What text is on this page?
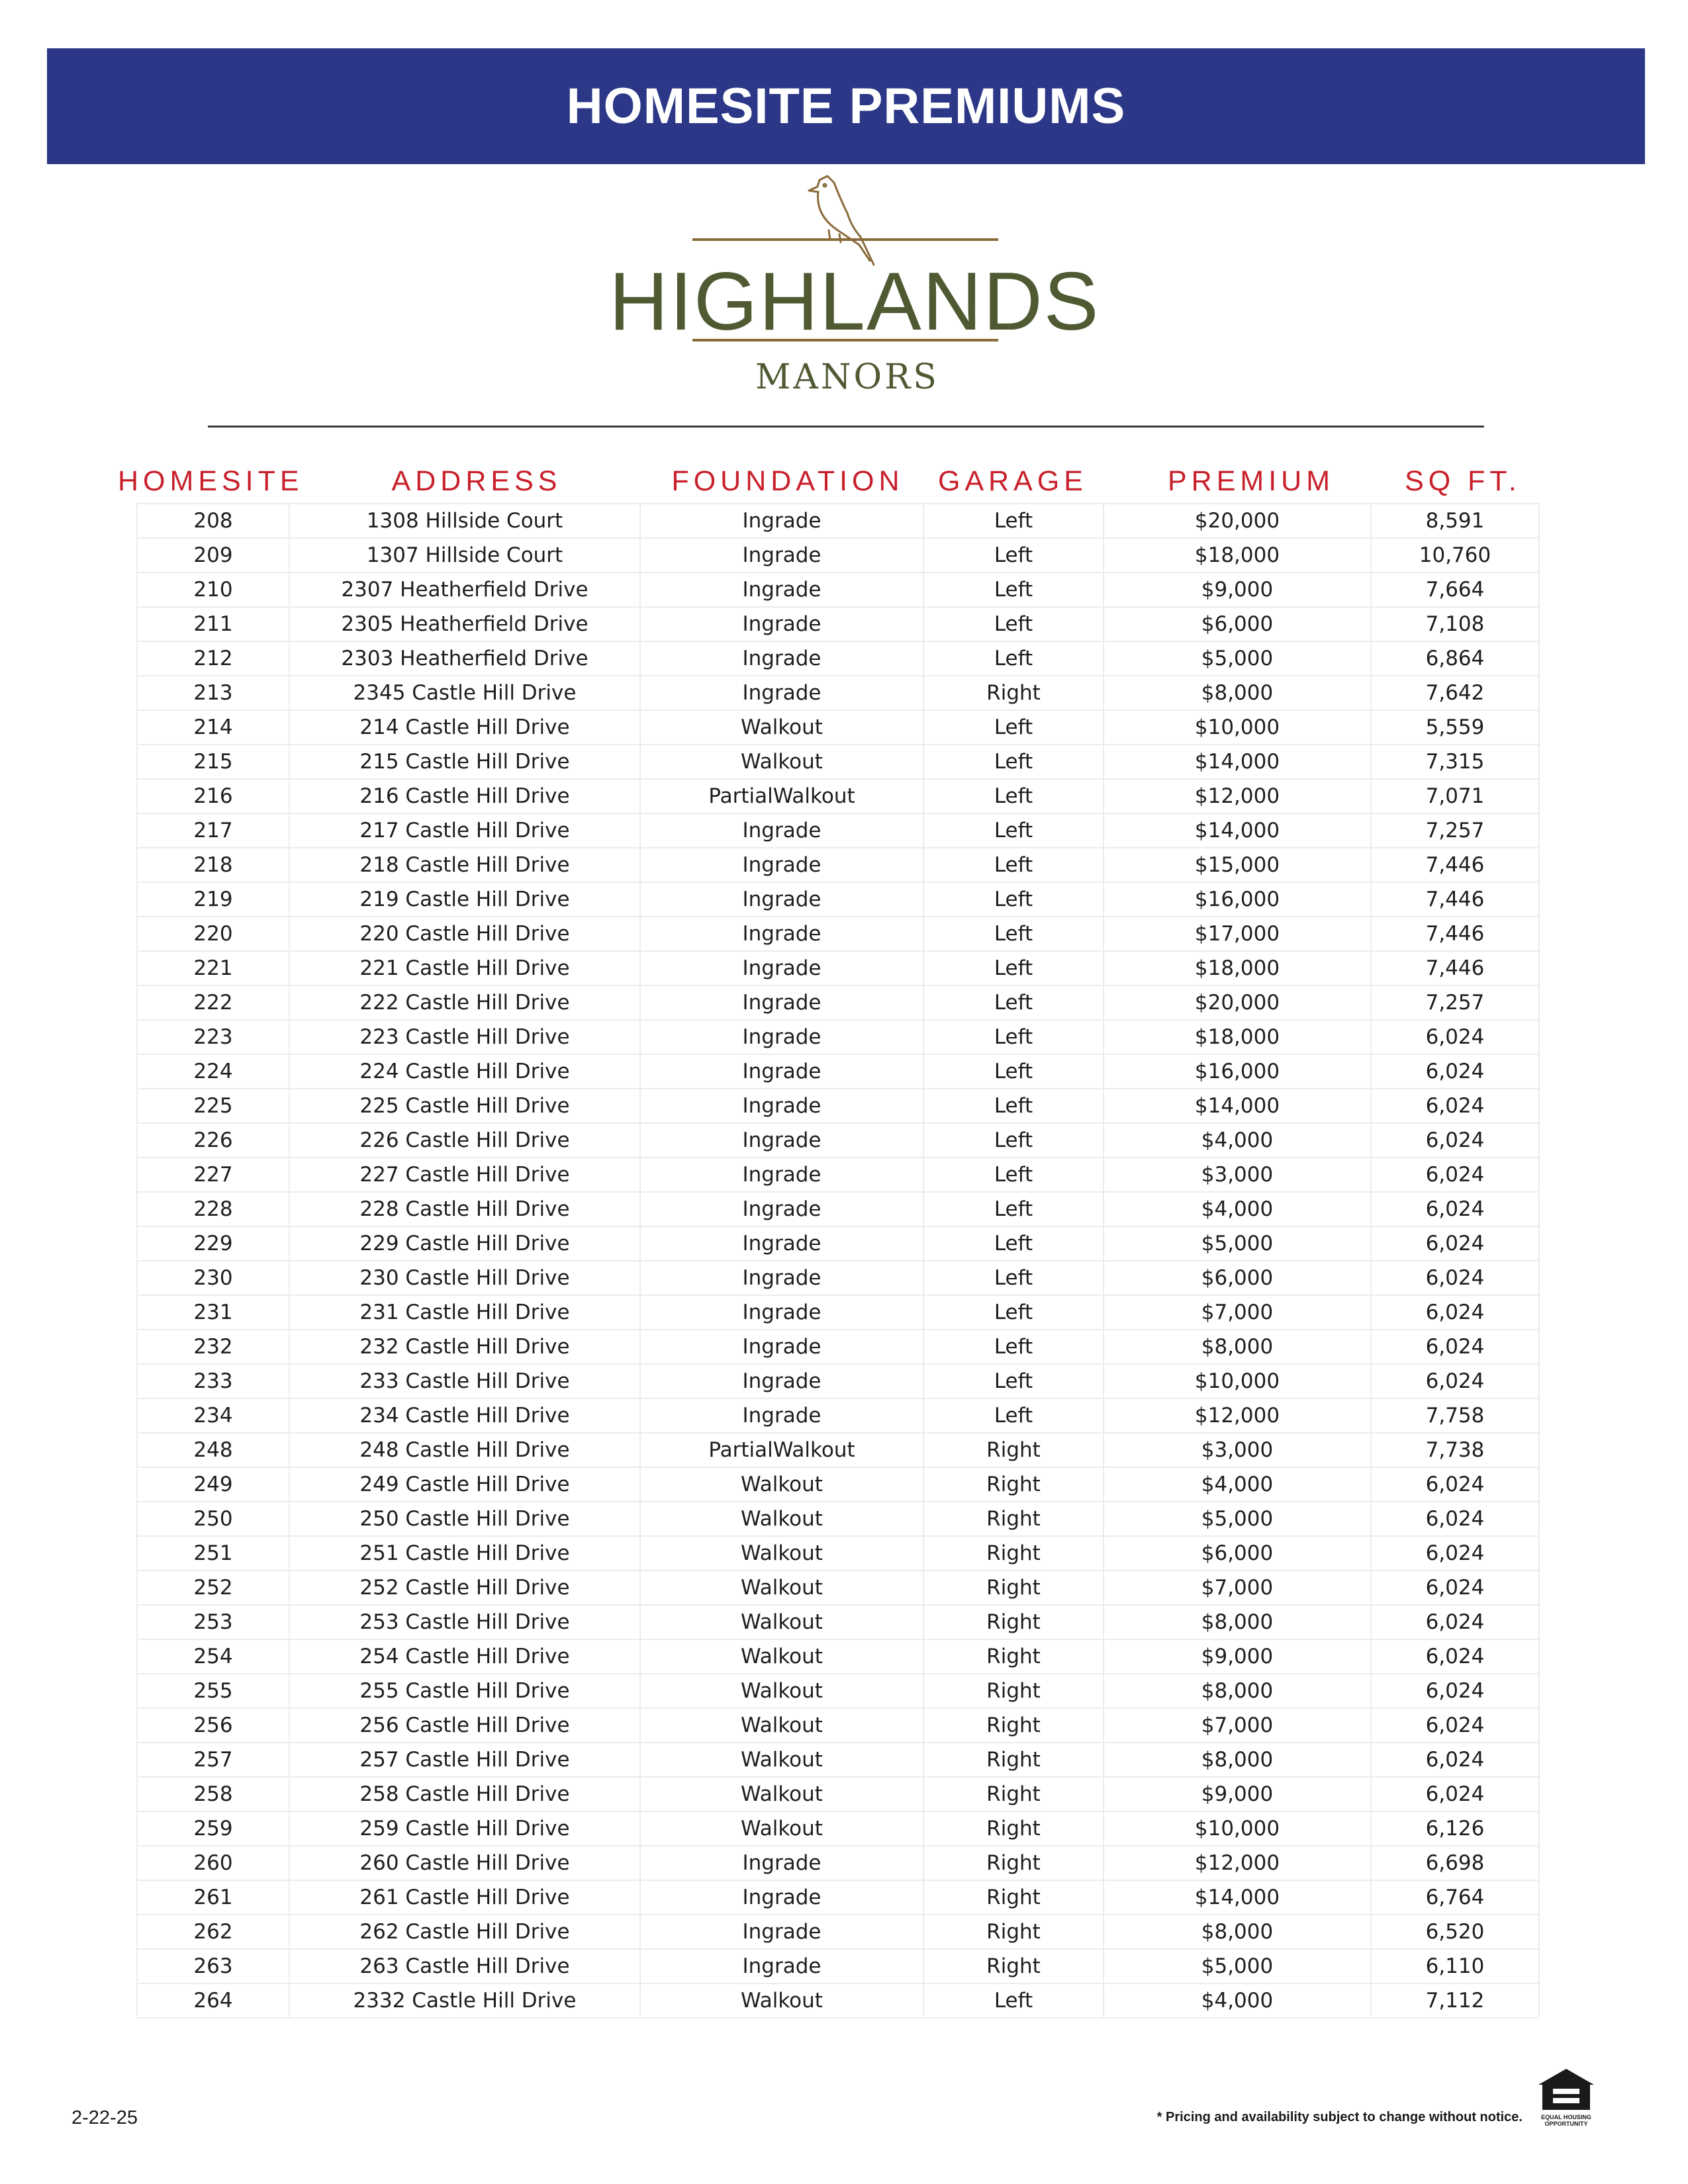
HOMESITE PREMIUMS
HIGHLANDS
MANORS
HOMESITE	ADDRESS	FOUNDATION	GARAGE	PREMIUM	SQ FT.
208	1308 Hillside Court	Ingrade	Left	$20,000	8,591
209	1307 Hillside Court	Ingrade	Left	$18,000	10,760
210	2307 Heatherfield Drive	Ingrade	Left	$9,000	7,664
211	2305 Heatherfield Drive	Ingrade	Left	$6,000	7,108
212	2303 Heatherfield Drive	Ingrade	Left	$5,000	6,864
213	2345 Castle Hill Drive	Ingrade	Right	$8,000	7,642
214	214 Castle Hill Drive	Walkout	Left	$10,000	5,559
215	215 Castle Hill Drive	Walkout	Left	$14,000	7,315
216	216 Castle Hill Drive	PartialWalkout	Left	$12,000	7,071
217	217 Castle Hill Drive	Ingrade	Left	$14,000	7,257
218	218 Castle Hill Drive	Ingrade	Left	$15,000	7,446
219	219 Castle Hill Drive	Ingrade	Left	$16,000	7,446
220	220 Castle Hill Drive	Ingrade	Left	$17,000	7,446
221	221 Castle Hill Drive	Ingrade	Left	$18,000	7,446
222	222 Castle Hill Drive	Ingrade	Left	$20,000	7,257
223	223 Castle Hill Drive	Ingrade	Left	$18,000	6,024
224	224 Castle Hill Drive	Ingrade	Left	$16,000	6,024
225	225 Castle Hill Drive	Ingrade	Left	$14,000	6,024
226	226 Castle Hill Drive	Ingrade	Left	$4,000	6,024
227	227 Castle Hill Drive	Ingrade	Left	$3,000	6,024
228	228 Castle Hill Drive	Ingrade	Left	$4,000	6,024
229	229 Castle Hill Drive	Ingrade	Left	$5,000	6,024
230	230 Castle Hill Drive	Ingrade	Left	$6,000	6,024
231	231 Castle Hill Drive	Ingrade	Left	$7,000	6,024
232	232 Castle Hill Drive	Ingrade	Left	$8,000	6,024
233	233 Castle Hill Drive	Ingrade	Left	$10,000	6,024
234	234 Castle Hill Drive	Ingrade	Left	$12,000	7,758
248	248 Castle Hill Drive	PartialWalkout	Right	$3,000	7,738
249	249 Castle Hill Drive	Walkout	Right	$4,000	6,024
250	250 Castle Hill Drive	Walkout	Right	$5,000	6,024
251	251 Castle Hill Drive	Walkout	Right	$6,000	6,024
252	252 Castle Hill Drive	Walkout	Right	$7,000	6,024
253	253 Castle Hill Drive	Walkout	Right	$8,000	6,024
254	254 Castle Hill Drive	Walkout	Right	$9,000	6,024
255	255 Castle Hill Drive	Walkout	Right	$8,000	6,024
256	256 Castle Hill Drive	Walkout	Right	$7,000	6,024
257	257 Castle Hill Drive	Walkout	Right	$8,000	6,024
258	258 Castle Hill Drive	Walkout	Right	$9,000	6,024
259	259 Castle Hill Drive	Walkout	Right	$10,000	6,126
260	260 Castle Hill Drive	Ingrade	Right	$12,000	6,698
261	261 Castle Hill Drive	Ingrade	Right	$14,000	6,764
262	262 Castle Hill Drive	Ingrade	Right	$8,000	6,520
263	263 Castle Hill Drive	Ingrade	Right	$5,000	6,110
264	2332 Castle Hill Drive	Walkout	Left	$4,000	7,112
2-22-25	* Pricing and availability subject to change without notice.	EQUAL HOUSING
OPPORTUNITY
